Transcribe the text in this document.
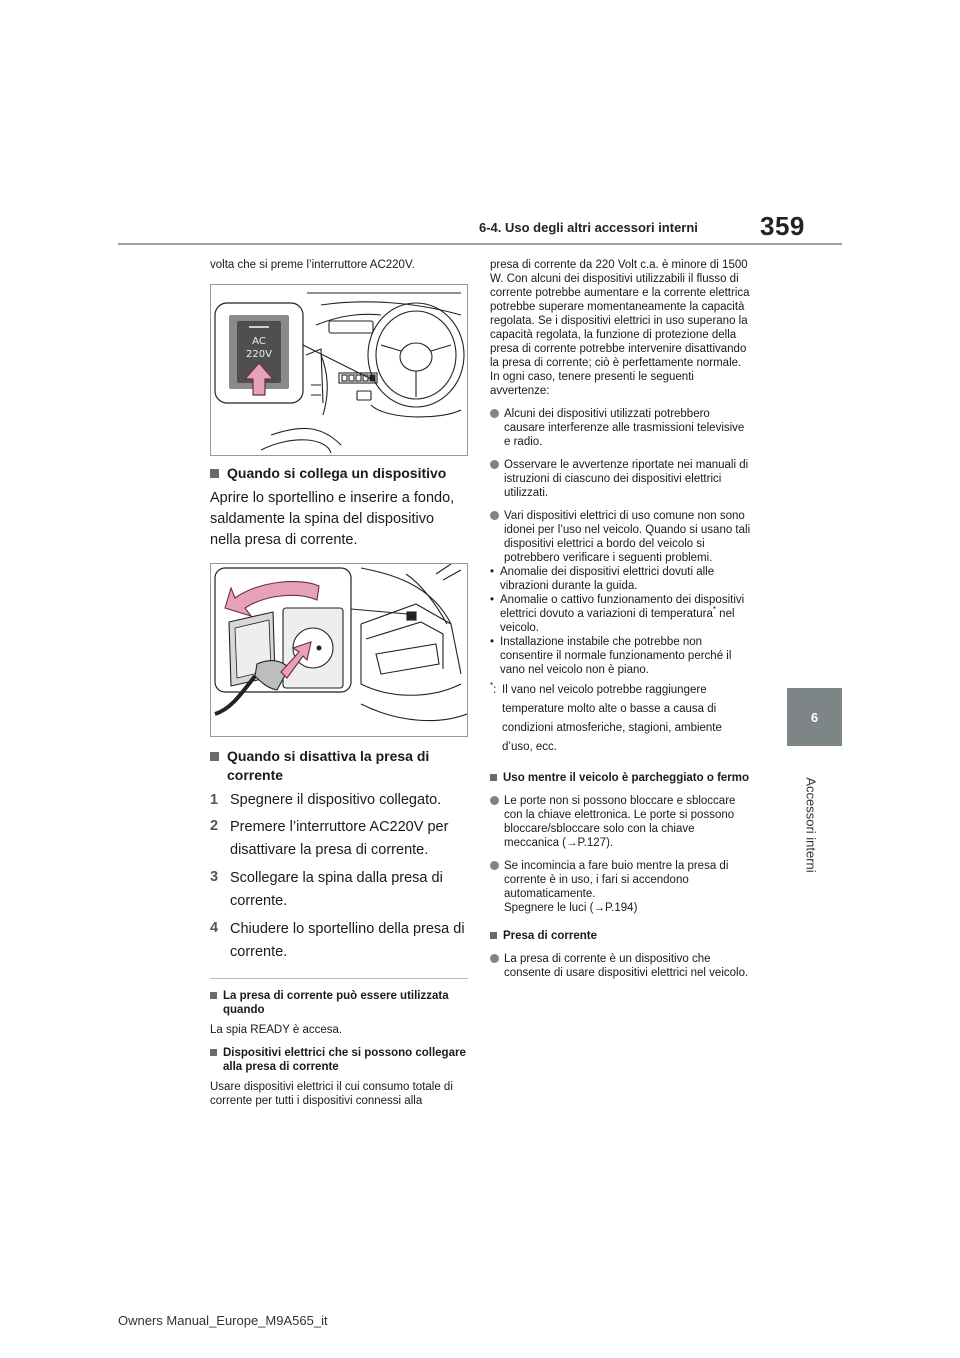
6-4. Uso degli altri accessori interni 359
6
Accessori interni
volta che si preme l’interruttore AC220V.
AC
220V
Quando si collega un dispositivo
Aprire lo sportellino e inserire a fondo, saldamente la spina del dispositivo nella presa di corrente.
Quando si disattiva la presa di corrente
1 Spegnere il dispositivo collegato.
2 Premere l’interruttore AC220V per disattivare la presa di corrente.
3 Scollegare la spina dalla presa di corrente.
4 Chiudere lo sportellino della presa di corrente.
La presa di corrente può essere utilizzata quando
La spia READY è accesa.
Dispositivi elettrici che si possono collegare alla presa di corrente
Usare dispositivi elettrici il cui consumo totale di corrente per tutti i dispositivi connessi alla
presa di corrente da 220 Volt c.a. è minore di 1500 W. Con alcuni dei dispositivi utilizzabili il flusso di corrente potrebbe aumentare e la corrente elettrica potrebbe superare momentaneamente la capacità regolata. Se i dispositivi elettrici in uso superano la capacità regolata, la funzione di protezione della presa di corrente potrebbe intervenire disattivando la presa di corrente; ciò è perfettamente normale. In ogni caso, tenere presenti le seguenti avvertenze:
Alcuni dei dispositivi utilizzati potrebbero causare interferenze alle trasmissioni televisive e radio.
Osservare le avvertenze riportate nei manuali di istruzioni di ciascuno dei dispositivi elettrici utilizzati.
Vari dispositivi elettrici di uso comune non sono idonei per l’uso nel veicolo. Quando si usano tali dispositivi elettrici a bordo del veicolo si potrebbero verificare i seguenti problemi.
• Anomalie dei dispositivi elettrici dovuti alle vibrazioni durante la guida.
• Anomalie o cattivo funzionamento dei dispositivi elettrici dovuto a variazioni di temperatura* nel veicolo.
• Installazione instabile che potrebbe non consentire il normale funzionamento perché il vano nel veicolo non è piano.
*: Il vano nel veicolo potrebbe raggiungere temperature molto alte o basse a causa di condizioni atmosferiche, stagioni, ambiente d’uso, ecc.
Uso mentre il veicolo è parcheggiato o fermo
Le porte non si possono bloccare e sbloccare con la chiave elettronica. Le porte si possono bloccare/sbloccare solo con la chiave meccanica (→P.127).
Se incomincia a fare buio mentre la presa di corrente è in uso, i fari si accendono automaticamente.
Spegnere le luci (→P.194)
Presa di corrente
La presa di corrente è un dispositivo che consente di usare dispositivi elettrici nel veicolo.
Owners Manual_Europe_M9A565_it
